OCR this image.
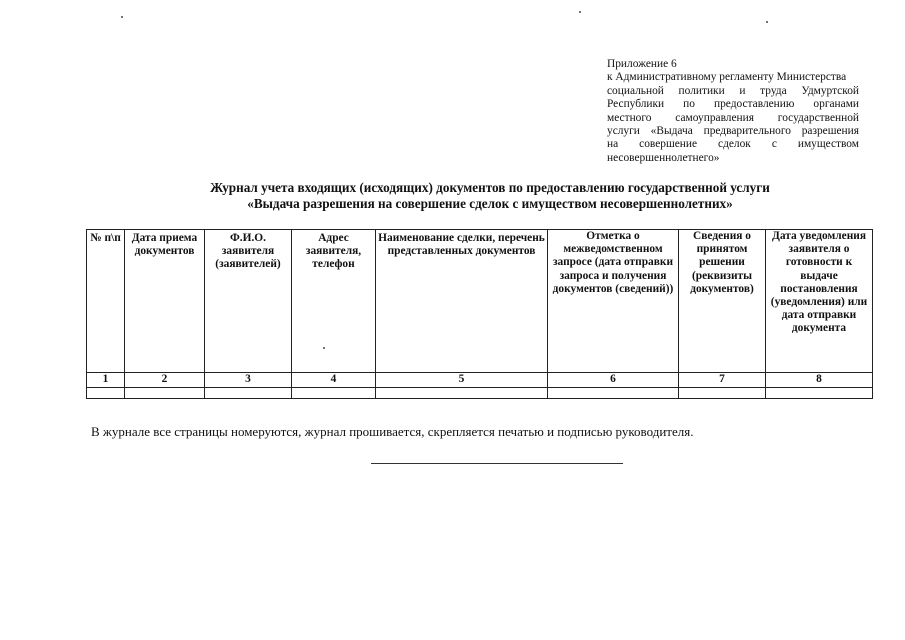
Приложение 6
к Административному регламенту Министерства
социальной политики и труда Удмуртской
Республики по предоставлению органами
местного самоуправления государственной
услуги «Выдача предварительного разрешения
на совершение сделок с имуществом
несовершеннолетнего»
Журнал учета входящих (исходящих) документов по предоставлению государственной услуги
«Выдача разрешения на совершение сделок с имуществом несовершеннолетних»
№ п\п	Дата приема документов	Ф.И.О. заявителя (заявителей)	Адрес заявителя, телефон	Наименование сделки, перечень представленных документов	Отметка о межведомственном запросе (дата отправки запроса и получения документов (сведений))	Сведения о принятом решении (реквизиты документов)	Дата уведомления заявителя о готовности к выдаче постановления (уведомления) или дата отправки документа
1	2	3	4	5	6	7	8

В журнале все страницы номеруются, журнал прошивается, скрепляется печатью и подписью руководителя.
